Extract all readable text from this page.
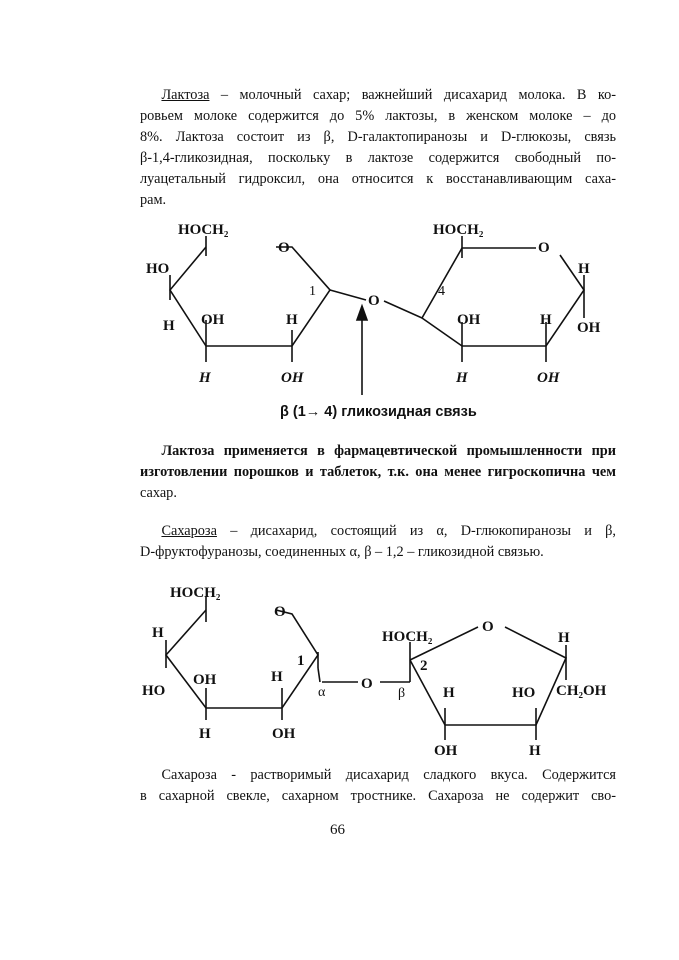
  Лактоза – молочный сахар; важнейший дисахарид молока. В ко-
ровьем молоке содержится до 5% лактозы, в женском молоке – до
8%. Лактоза состоит из β, D-галактопиранозы и D-глюкозы, связь
β-1,4-гликозидная, поскольку в лактозе содержится свободный по-
луацетальный гидроксил, она относится к восстанавливающим саха-
рам.
HOCH₂
O
HO
H OH	H
1
H	OH
O
HOCH₂
O
H
OH
4
OH	H
H	OH
β (1→ 4) гликозидная связь
  Лактоза применяется в фармацевтической промышленности при
изготовлении порошков и таблеток, т.к. она менее гигроскопична чем
сахар.
  Сахароза – дисахарид, состоящий из α, D-глюкопиранозы и β,
D-фруктофуранозы, соединенных α, β – 1,2 – гликозидной связью.
HOCH₂
O
H
HO
OH	H
1
α
H	OH
O
HOCH₂
O
H
2
β	H	HO CH₂OH
OH	H
  Сахароза - растворимый дисахарид сладкого вкуса. Содержится
в сахарной свекле, сахарном тростнике. Сахароза не содержит сво-
66
